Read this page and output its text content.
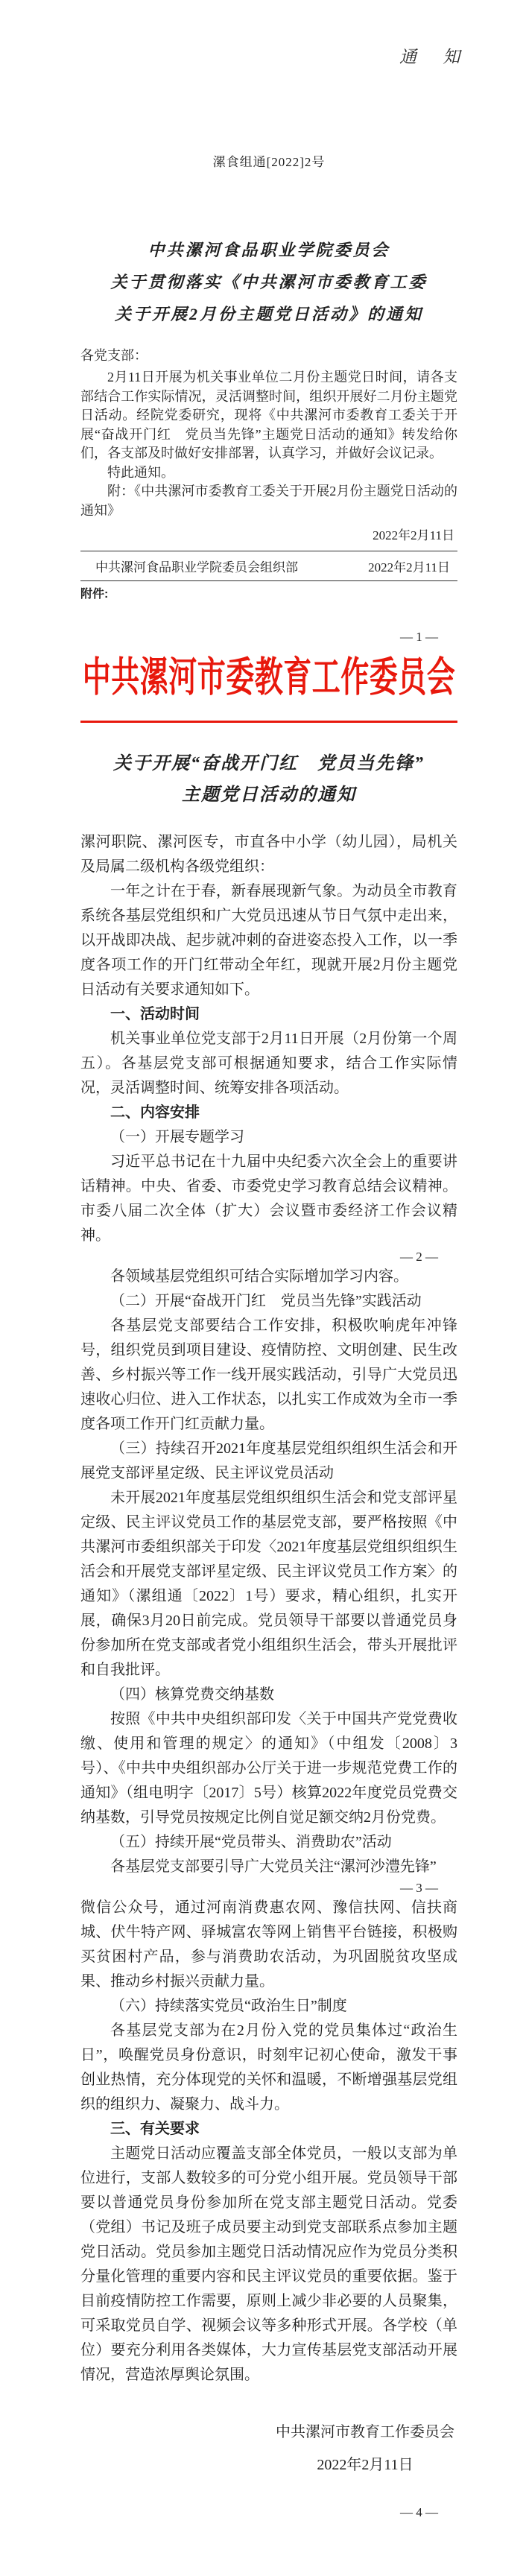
通 知
漯食组通[2022]2号
中共漯河食品职业学院委员会
关于贯彻落实《中共漯河市委教育工委
关于开展2月份主题党日活动》的通知
各党支部：

2月11日开展为机关事业单位二月份主题党日时间，请各支部结合工作实际情况，灵活调整时间，组织开展好二月份主题党日活动。经院党委研究，现将《中共漯河市委教育工委关于开展“奋战开门红　党员当先锋”主题党日活动的通知》转发给你们，各支部及时做好安排部署，认真学习，并做好会议记录。

特此通知。

附：《中共漯河市委教育工委关于开展2月份主题党日活动的通知》

2022年2月11日
中共漯河食品职业学院委员会组织部	2022年2月11日
附件:
— 1 —
中共漯河市委教育工作委员会
关于开展“奋战开门红　党员当先锋”
主题党日活动的通知
漯河职院、漯河医专，市直各中小学（幼儿园），局机关及局属二级机构各级党组织：

一年之计在于春，新春展现新气象。为动员全市教育系统各基层党组织和广大党员迅速从节日气氛中走出来，以开战即决战、起步就冲刺的奋进姿态投入工作，以一季度各项工作的开门红带动全年红，现就开展2月份主题党日活动有关要求通知如下。

一、活动时间

机关事业单位党支部于2月11日开展（2月份第一个周五）。各基层党支部可根据通知要求，结合工作实际情况，灵活调整时间、统筹安排各项活动。

二、内容安排
（一）开展专题学习

习近平总书记在十九届中央纪委六次全会上的重要讲话精神。中央、省委、市委党史学习教育总结会议精神。市委八届二次全体（扩大）会议暨市委经济工作会议精神。

— 2 —

各领域基层党组织可结合实际增加学习内容。

（二）开展“奋战开门红　党员当先锋”实践活动

各基层党支部要结合工作安排，积极吹响虎年冲锋号，组织党员到项目建设、疫情防控、文明创建、民生改善、乡村振兴等工作一线开展实践活动，引导广大党员迅速收心归位、进入工作状态，以扎实工作成效为全市一季度各项工作开门红贡献力量。

（三）持续召开2021年度基层党组织组织生活会和开展党支部评星定级、民主评议党员活动

未开展2021年度基层党组织组织生活会和党支部评星定级、民主评议党员工作的基层党支部，要严格按照《中共漯河市委组织部关于印发〈2021年度基层党组织组织生活会和开展党支部评星定级、民主评议党员工作方案〉的通知》（漯组通〔2022〕1号）要求，精心组织，扎实开展，确保3月20日前完成。党员领导干部要以普通党员身份参加所在党支部或者党小组组织生活会，带头开展批评和自我批评。

（四）核算党费交纳基数

按照《中共中央组织部印发〈关于中国共产党党费收缴、使用和管理的规定〉的通知》（中组发〔2008〕3号）、《中共中央组织部办公厅关于进一步规范党费工作的通知》（组电明字〔2017〕5号）核算2022年度党员党费交纳基数，引导党员按规定比例自觉足额交纳2月份党费。

（五）持续开展“党员带头、消费助农”活动

各基层党支部要引导广大党员关注“漯河沙澧先锋”

— 3 —

微信公众号，通过河南消费惠农网、豫信扶网、信扶商城、伏牛特产网、驿城富农等网上销售平台链接，积极购买贫困村产品，参与消费助农活动，为巩固脱贫攻坚成果、推动乡村振兴贡献力量。

（六）持续落实党员“政治生日”制度

各基层党支部为在2月份入党的党员集体过“政治生日”，唤醒党员身份意识，时刻牢记初心使命，激发干事创业热情，充分体现党的关怀和温暖，不断增强基层党组织的组织力、凝聚力、战斗力。

三、有关要求

主题党日活动应覆盖支部全体党员，一般以支部为单位进行，支部人数较多的可分党小组开展。党员领导干部要以普通党员身份参加所在党支部主题党日活动。党委（党组）书记及班子成员要主动到党支部联系点参加主题党日活动。党员参加主题党日活动情况应作为党员分类积分量化管理的重要内容和民主评议党员的重要依据。鉴于目前疫情防控工作需要，原则上减少非必要的人员聚集，可采取党员自学、视频会议等多种形式开展。各学校（单位）要充分利用各类媒体，大力宣传基层党支部活动开展情况，营造浓厚舆论氛围。

中共漯河市教育工作委员会
2022年2月11日
— 4 —
